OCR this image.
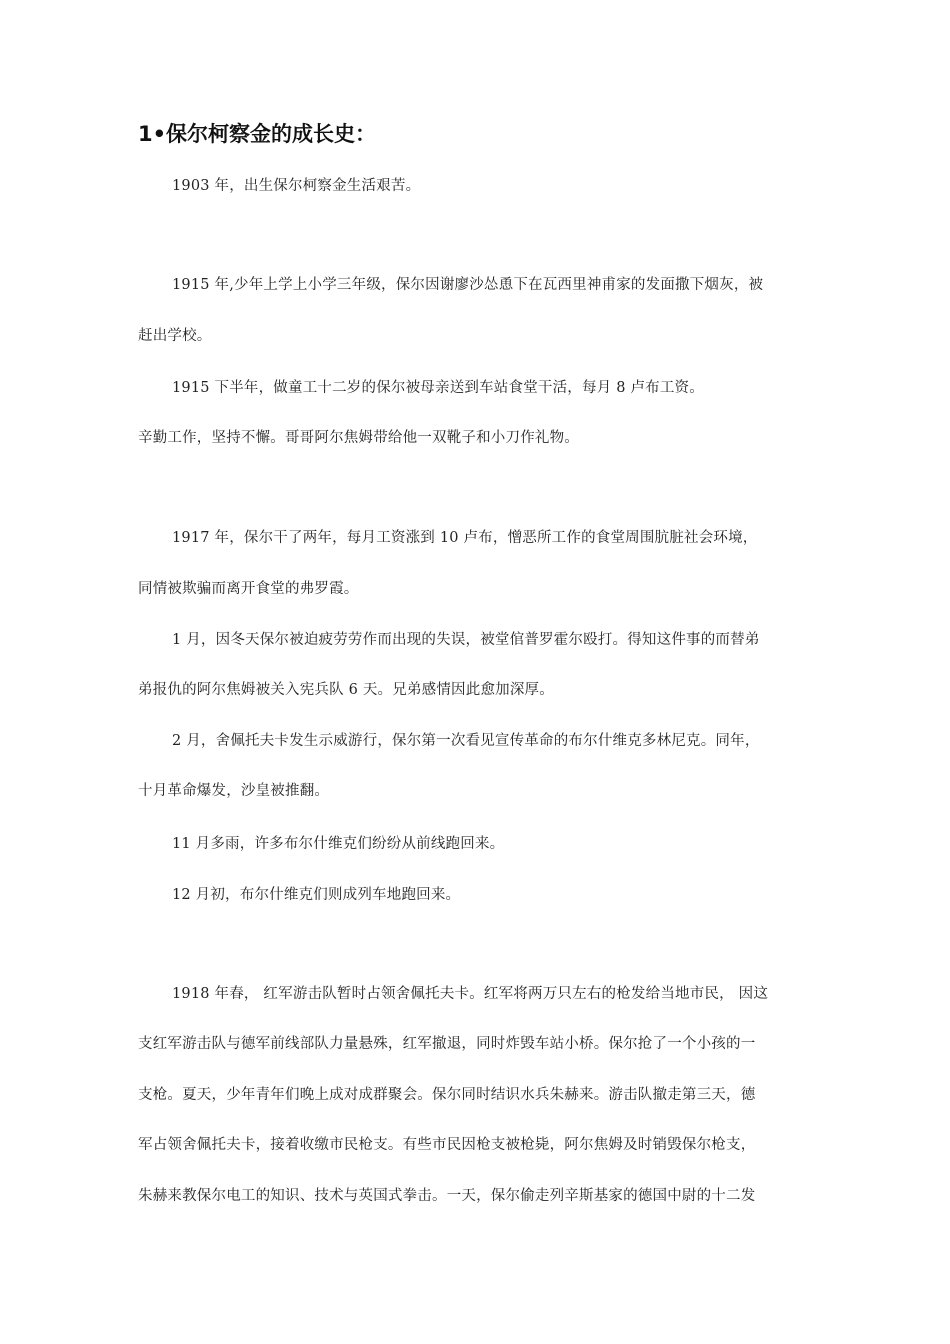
1•保尔柯察金的成长史：

1903 年，出生保尔柯察金生活艰苦。

1915 年,少年上学上小学三年级，保尔因谢廖沙怂恿下在瓦西里神甫家的发面撒下烟灰，被

赶出学校。

1915 下半年，做童工十二岁的保尔被母亲送到车站食堂干活，每月 8 卢布工资。

辛勤工作，坚持不懈。哥哥阿尔焦姆带给他一双靴子和小刀作礼物。

1917 年，保尔干了两年，每月工资涨到 10 卢布，憎恶所工作的食堂周围肮脏社会环境，

同情被欺骗而离开食堂的弗罗霞。

1 月，因冬天保尔被迫疲劳劳作而出现的失误，被堂倌普罗霍尔殴打。得知这件事的而替弟

弟报仇的阿尔焦姆被关入宪兵队 6 天。兄弟感情因此愈加深厚。

2 月，舍佩托夫卡发生示威游行，保尔第一次看见宣传革命的布尔什维克多林尼克。同年，

十月革命爆发，沙皇被推翻。

11 月多雨，许多布尔什维克们纷纷从前线跑回来。

12 月初，布尔什维克们则成列车地跑回来。

1918 年春， 红军游击队暂时占领舍佩托夫卡。红军将两万只左右的枪发给当地市民， 因这

支红军游击队与德军前线部队力量悬殊，红军撤退，同时炸毁车站小桥。保尔抢了一个小孩的一

支枪。夏天，少年青年们晚上成对成群聚会。保尔同时结识水兵朱赫来。游击队撤走第三天，德

军占领舍佩托夫卡，接着收缴市民枪支。有些市民因枪支被枪毙，阿尔焦姆及时销毁保尔枪支，

朱赫来教保尔电工的知识、技术与英国式拳击。一天，保尔偷走列辛斯基家的德国中尉的十二发
